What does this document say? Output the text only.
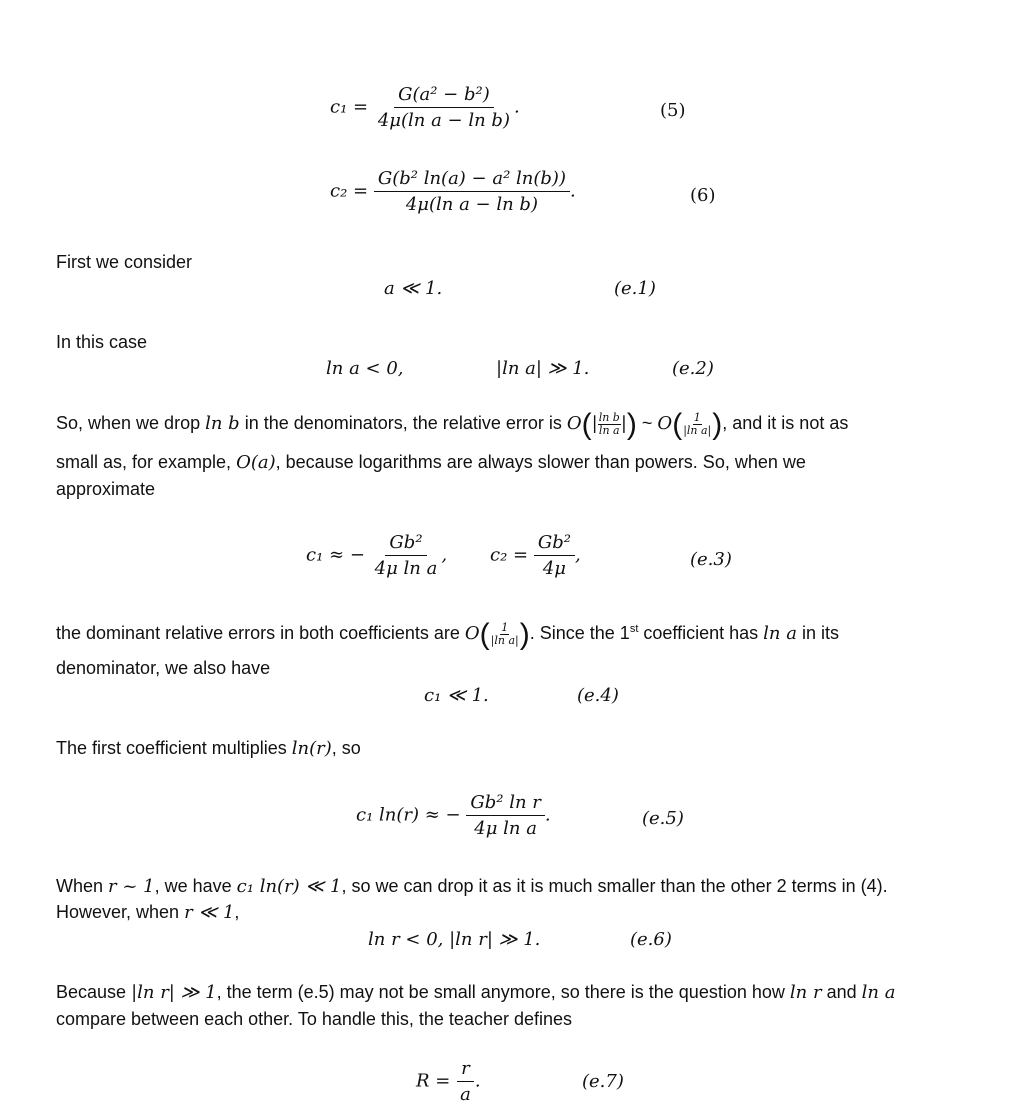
$c_1 = \frac{\text{G(a² − b²)}}{\text{4μ(ln a − ln b)}}$ .	(5)
$c_2 = \frac{\text{G(b² ln(a) − a² ln(b))}}{\text{4μ(ln a − ln b)}}$ .	(6)
First we consider
a ≪ 1.	(e.1)
In this case
ln a < 0,	|ln a| ≫ 1.	(e.2)
So, when we drop ln b in the denominators, the relative error is $O(| \frac{\text{ln b}}{\text{ln a}}$ |) ~ $O( \frac{1}{\text{|ln a|}}$ ), and it is not as
small as, for example, O(a), because logarithms are always slower than powers. So, when we
approximate
c₁ ≈ − $\frac{\text{Gb²}}{\text{4μ ln a}}$ , $c_2 = \frac{\text{Gb²}}{4\mu}$ ,	(e.3)
the dominant relative errors in both coefficients are $O( \frac{1}{\text{|ln a|}}$ ). Since the 1st coefficient has ln a in its
denominator, we also have
c₁ ≪ 1.	(e.4)
The first coefficient multiplies ln(r), so
c₁ ln(r) ≈ − $\frac{\text{Gb² ln r}}{\text{4μ ln a}}$ .	(e.5)
When r ~ 1, we have c₁ ln(r) ≪ 1, so we can drop it as it is much smaller than the other 2 terms in (4).
However, when r ≪ 1,
ln r < 0, |ln r| ≫ 1.	(e.6)
Because |ln r| ≫ 1, the term (e.5) may not be small anymore, so there is the question how ln r and ln a
compare between each other. To handle this, the teacher defines
$R = \frac{r}{a}$ .	(e.7)
